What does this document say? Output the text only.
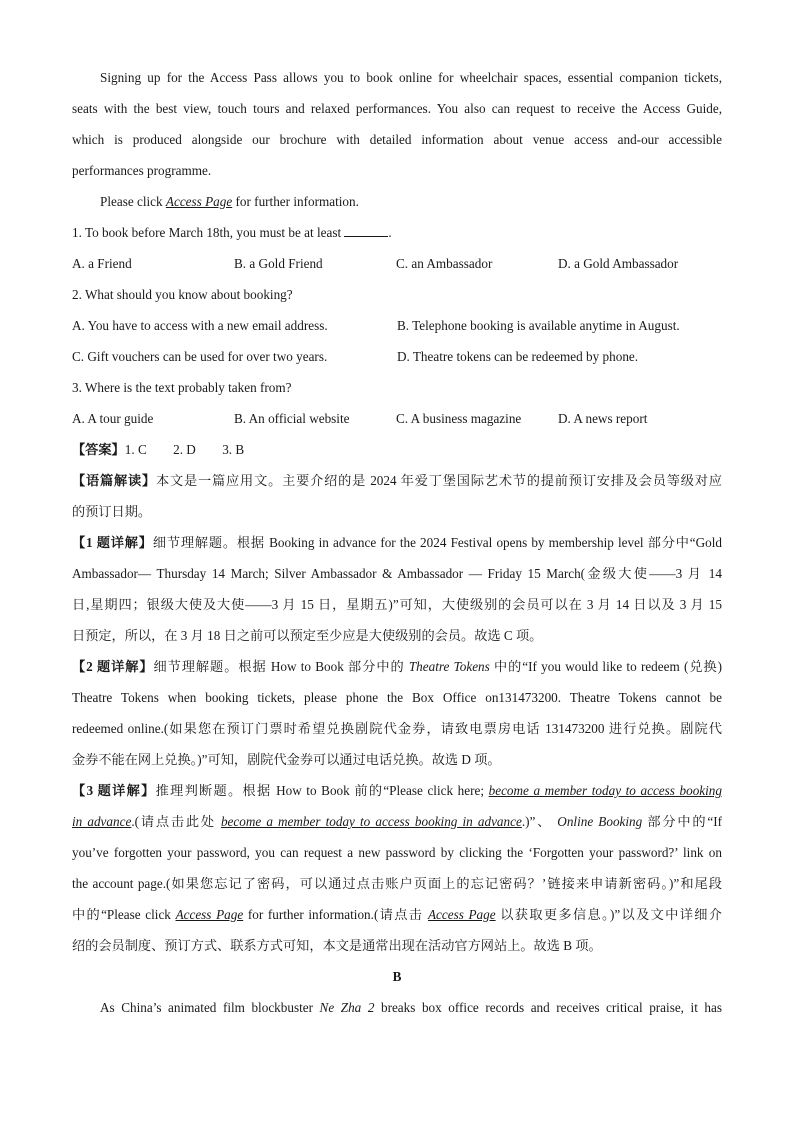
Signing up for the Access Pass allows you to book online for wheelchair spaces, essential companion tickets,
seats with the best view, touch tours and relaxed performances. You also can request to receive the Access Guide,
which is produced alongside our brochure with detailed information about venue access and-our accessible
performances programme.
Please click Access Page for further information.
1. To book before March 18th, you must be at least	.
A. a Friend	B. a Gold Friend	C. an Ambassador	D. a Gold Ambassador
2. What should you know about booking?
A. You have to access with a new email address.	B. Telephone booking is available anytime in August.
C. Gift vouchers can be used for over two years.	D. Theatre tokens can be redeemed by phone.
3. Where is the text probably taken from?
A. A tour guide	B. An official website	C. A business magazine	D. A news report
【答案】1. C　　2. D　　3. B
【语篇解读】本文是一篇应用文。主要介绍的是 2024 年爱丁堡国际艺术节的提前预订安排及会员等级对应
的预订日期。
【1 题详解】细节理解题。根据 Booking in advance for the 2024 Festival opens by membership level 部分中“Gold
Ambassador— Thursday 14 March; Silver Ambassador & Ambassador — Friday 15 March(金级大使——3 月 14
日,星期四；银级大使及大使——3 月 15 日，星期五)”可知，大使级别的会员可以在 3 月 14 日以及 3 月 15
日预定，所以，在 3 月 18 日之前可以预定至少应是大使级别的会员。故选 C 项。
【2 题详解】细节理解题。根据 How to Book 部分中的 Theatre Tokens 中的“If you would like to redeem (兑换)
Theatre Tokens when booking tickets, please phone the Box Office on131473200. Theatre Tokens cannot be
redeemed online.(如果您在预订门票时希望兑换剧院代金券，请致电票房电话 131473200 进行兑换。剧院代
金券不能在网上兑换。)”可知，剧院代金券可以通过电话兑换。故选 D 项。
【3 题详解】推理判断题。根据 How to Book 前的“Please click here; become a member today to access booking
in advance.(请点击此处 become a member today to access booking in advance.)”、 Online Booking 部分中的“If
you’ve forgotten your password, you can request a new password by clicking the ‘Forgotten your password?’ link on
the account page.(如果您忘记了密码，可以通过点击账户页面上的忘记密码？’链接来申请新密码。)”和尾段
中的“Please click Access Page for further information.(请点击 Access Page 以获取更多信息。)”以及文中详细介
绍的会员制度、预订方式、联系方式可知，本文是通常出现在活动官方网站上。故选 B 项。
B
As China’s animated film blockbuster Ne Zha 2 breaks box office records and receives critical praise, it has
